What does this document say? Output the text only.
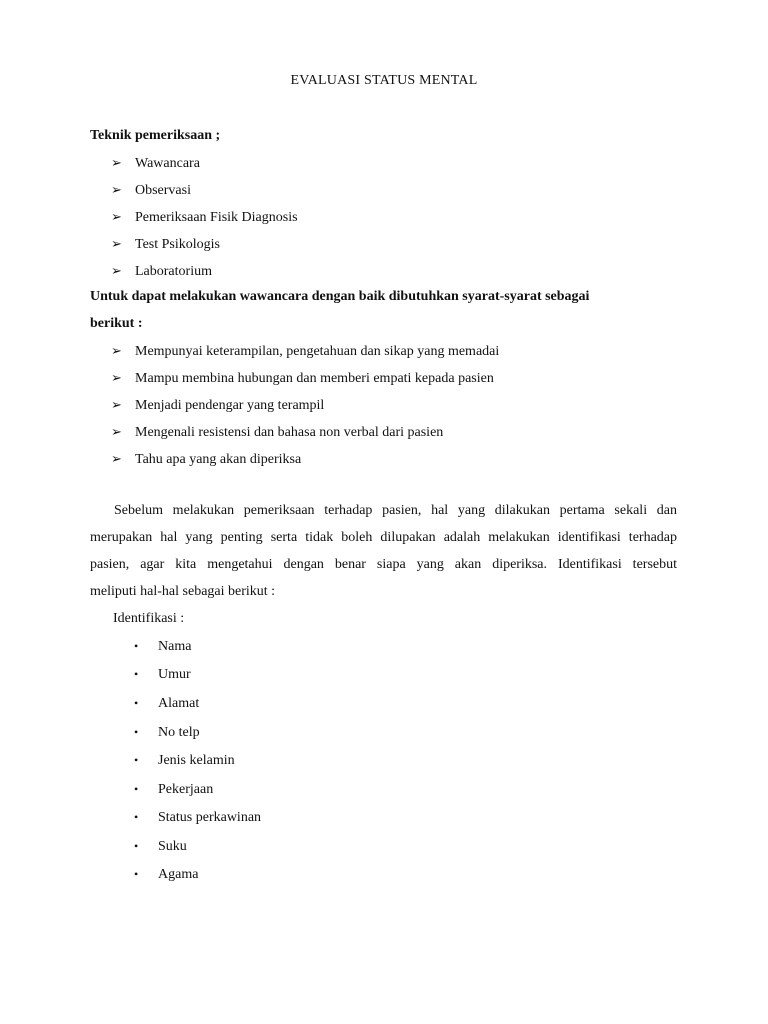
EVALUASI STATUS MENTAL
Teknik pemeriksaan ;
➢ Wawancara
➢ Observasi
➢ Pemeriksaan Fisik Diagnosis
➢ Test Psikologis
➢ Laboratorium
Untuk dapat melakukan wawancara dengan baik dibutuhkan syarat-syarat sebagai
berikut :
➢ Mempunyai keterampilan, pengetahuan dan sikap yang memadai
➢ Mampu membina hubungan dan memberi empati kepada pasien
➢ Menjadi pendengar yang terampil
➢ Mengenali resistensi dan bahasa non verbal dari pasien
➢ Tahu apa yang akan diperiksa
Sebelum melakukan pemeriksaan terhadap pasien, hal yang dilakukan pertama sekali dan
merupakan hal yang penting serta tidak boleh dilupakan adalah melakukan identifikasi terhadap
pasien, agar kita mengetahui dengan benar siapa yang akan diperiksa. Identifikasi tersebut
meliputi hal-hal sebagai berikut :
Identifikasi :
• Nama
• Umur
• Alamat
• No telp
• Jenis kelamin
• Pekerjaan
• Status perkawinan
• Suku
• Agama
